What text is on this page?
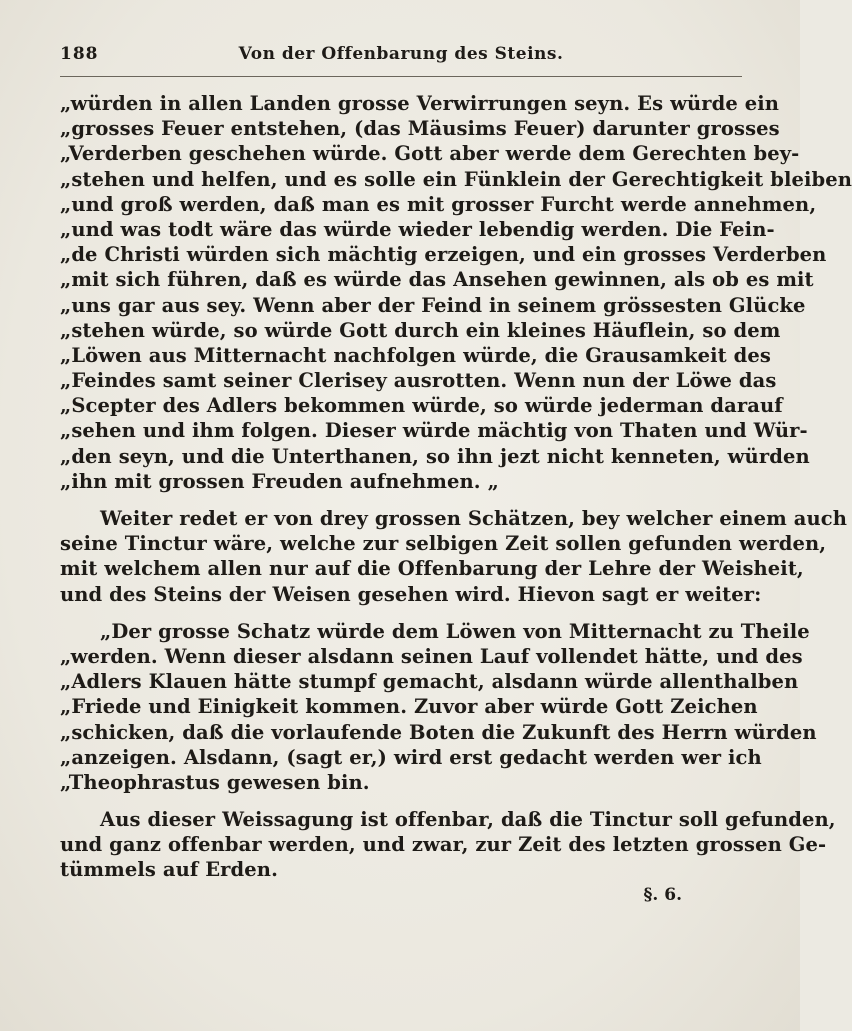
188	Von der Offenbarung des Steins.
„würden in allen Landen grosse Verwirrungen seyn. Es würde ein
„grosses Feuer entstehen, (das Mäusims Feuer) darunter grosses
„Verderben geschehen würde. Gott aber werde dem Gerechten bey-
„stehen und helfen, und es solle ein Fünklein der Gerechtigkeit bleiben
„und groß werden, daß man es mit grosser Furcht werde annehmen,
„und was todt wäre das würde wieder lebendig werden. Die Fein-
„de Christi würden sich mächtig erzeigen, und ein grosses Verderben
„mit sich führen, daß es würde das Ansehen gewinnen, als ob es mit
„uns gar aus sey. Wenn aber der Feind in seinem grössesten Glücke
„stehen würde, so würde Gott durch ein kleines Häuflein, so dem
„Löwen aus Mitternacht nachfolgen würde, die Grausamkeit des
„Feindes samt seiner Clerisey ausrotten. Wenn nun der Löwe das
„Scepter des Adlers bekommen würde, so würde jederman darauf
„sehen und ihm folgen. Dieser würde mächtig von Thaten und Wür-
„den seyn, und die Unterthanen, so ihn jezt nicht kenneten, würden
„ihn mit grossen Freuden aufnehmen. „
Weiter redet er von drey grossen Schätzen, bey welcher einem auch
seine Tinctur wäre, welche zur selbigen Zeit sollen gefunden werden,
mit welchem allen nur auf die Offenbarung der Lehre der Weisheit,
und des Steins der Weisen gesehen wird. Hievon sagt er weiter:
„Der grosse Schatz würde dem Löwen von Mitternacht zu Theile
„werden. Wenn dieser alsdann seinen Lauf vollendet hätte, und des
„Adlers Klauen hätte stumpf gemacht, alsdann würde allenthalben
„Friede und Einigkeit kommen. Zuvor aber würde Gott Zeichen
„schicken, daß die vorlaufende Boten die Zukunft des Herrn würden
„anzeigen. Alsdann, (sagt er,) wird erst gedacht werden wer ich
„Theophrastus gewesen bin.
Aus dieser Weissagung ist offenbar, daß die Tinctur soll gefunden,
und ganz offenbar werden, und zwar, zur Zeit des letzten grossen Ge-
tümmels auf Erden.
§. 6.
